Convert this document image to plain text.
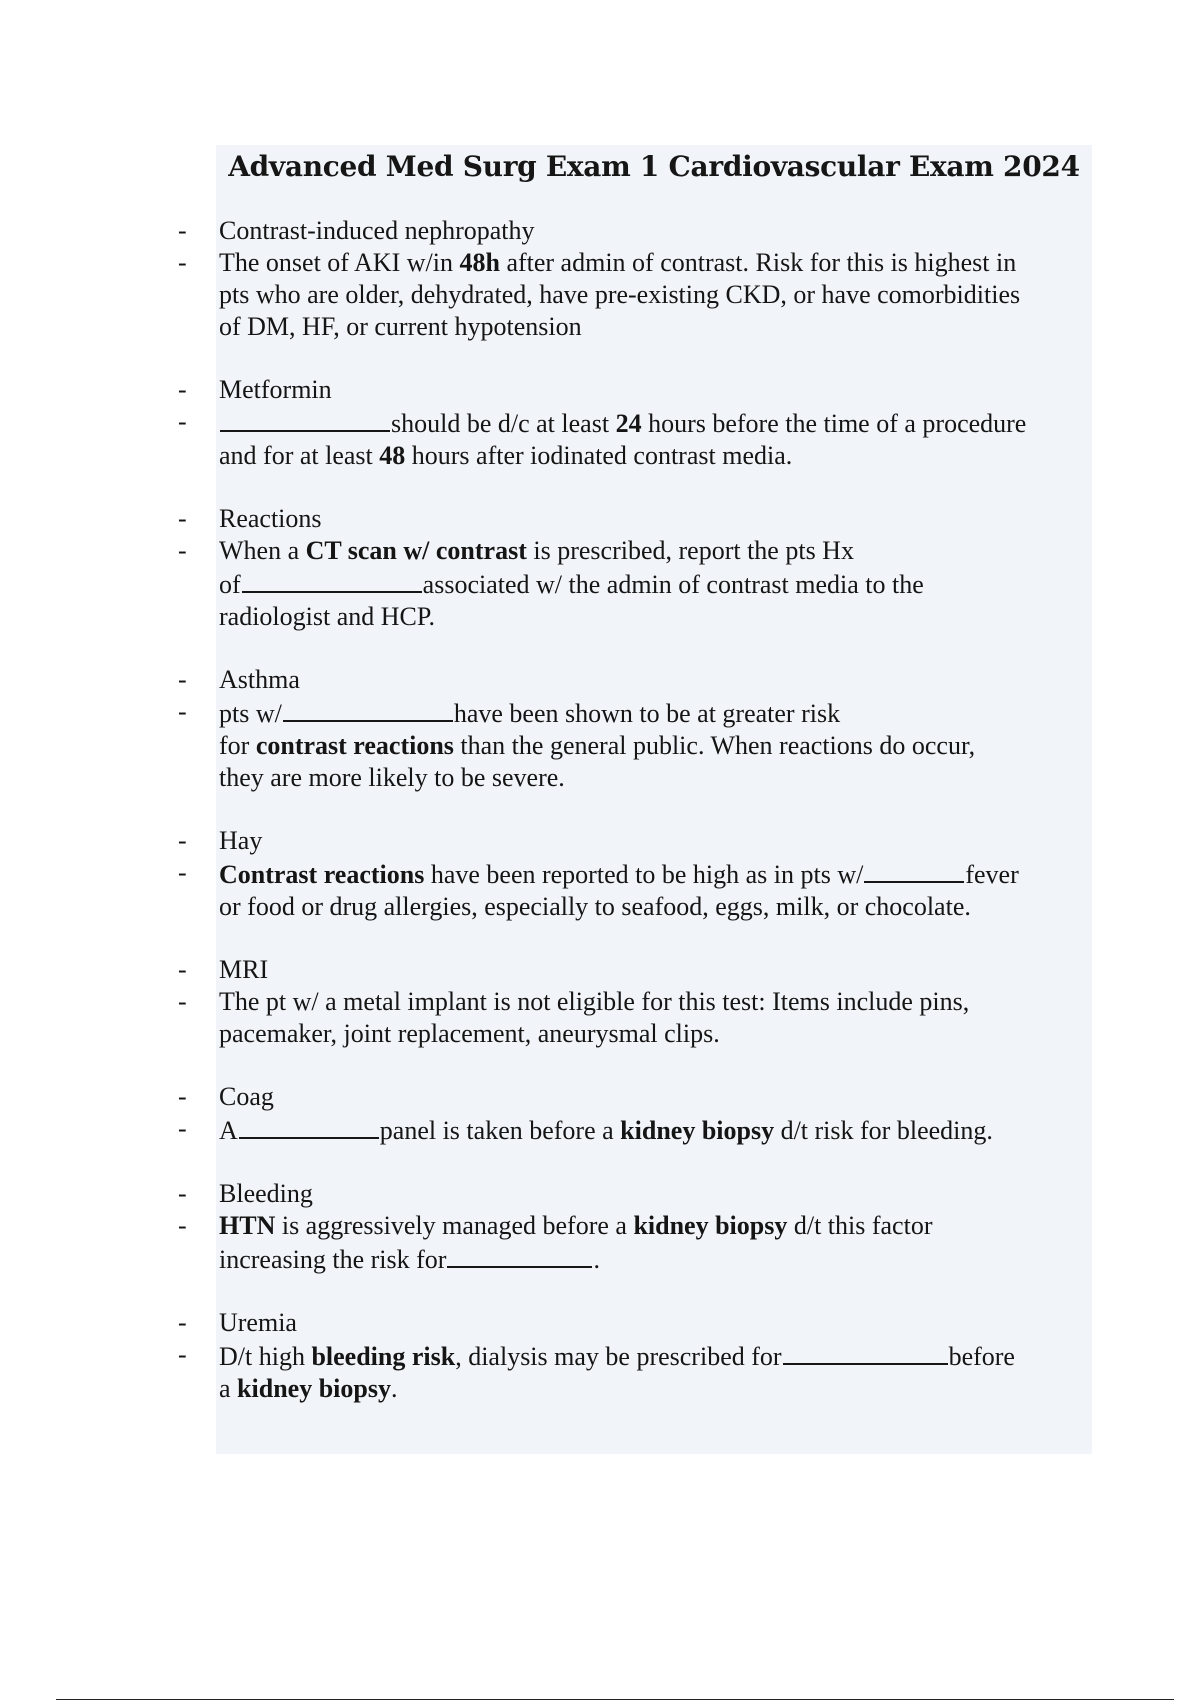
Advanced Med Surg Exam 1 Cardiovascular Exam 2024
- Contrast-induced nephropathy
- The onset of AKI w/in 48h after admin of contrast. Risk for this is highest in
pts who are older, dehydrated, have pre-existing CKD, or have comorbidities
of DM, HF, or current hypotension
- Metformin
-	should be d/c at least 24 hours before the time of a procedure
and for at least 48 hours after iodinated contrast media.
- Reactions
- When a CT scan w/ contrast is prescribed, report the pts Hx
of	associated w/ the admin of contrast media to the
radiologist and HCP.
- Asthma
- pts w/	have been shown to be at greater risk
for contrast reactions than the general public. When reactions do occur,
they are more likely to be severe.
- Hay
- Contrast reactions have been reported to be high as in pts w/	fever
or food or drug allergies, especially to seafood, eggs, milk, or chocolate.
- MRI
- The pt w/ a metal implant is not eligible for this test: Items include pins,
pacemaker, joint replacement, aneurysmal clips.
- Coag
- A	panel is taken before a kidney biopsy d/t risk for bleeding.
- Bleeding
- HTN is aggressively managed before a kidney biopsy d/t this factor
increasing the risk for	.
- Uremia
- D/t high bleeding risk, dialysis may be prescribed for	before
a kidney biopsy.
